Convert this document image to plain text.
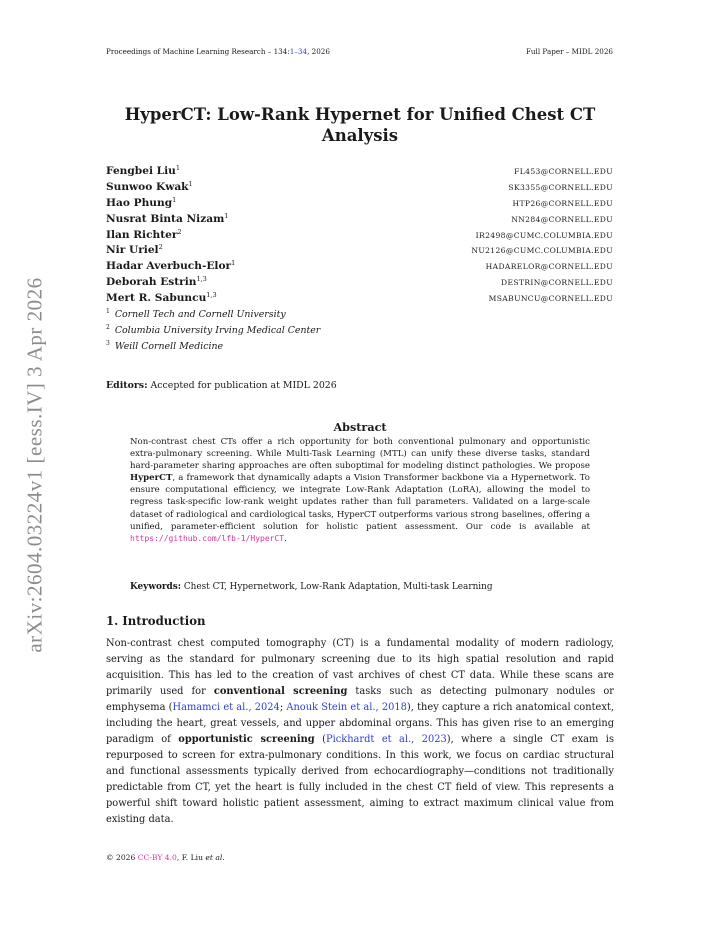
arXiv:2604.03224v1 [eess.IV] 3 Apr 2026
Proceedings of Machine Learning Research – 134:1–34, 2026	Full Paper – MIDL 2026
HyperCT: Low-Rank Hypernet for Unified Chest CT
Analysis
Fengbei Liu$^1$	FL453@CORNELL.EDU
Sunwoo Kwak$^1$	SK3355@CORNELL.EDU
Hao Phung$^1$	HTP26@CORNELL.EDU
Nusrat Binta Nizam$^1$	NN284@CORNELL.EDU
Ilan Richter$^2$	IR2498@CUMC.COLUMBIA.EDU
Nir Uriel$^2$	NU2126@CUMC.COLUMBIA.EDU
Hadar Averbuch-Elor$^1$	HADARELOR@CORNELL.EDU
Deborah Estrin$^{1,3}$	DESTRIN@CORNELL.EDU
Mert R. Sabuncu$^{1,3}$	MSABUNCU@CORNELL.EDU
$^1$ Cornell Tech and Cornell University
$^2$ Columbia University Irving Medical Center
$^3$ Weill Cornell Medicine
Editors: Accepted for publication at MIDL 2026
Abstract
Non-contrast chest CTs offer a rich opportunity for both conventional pulmonary and opportunistic extra-pulmonary screening. While Multi-Task Learning (MTL) can unify these diverse tasks, standard hard-parameter sharing approaches are often suboptimal for modeling distinct pathologies. We propose HyperCT, a framework that dynamically adapts a Vision Transformer backbone via a Hypernetwork. To ensure computational efficiency, we integrate Low-Rank Adaptation (LoRA), allowing the model to regress task-specific low-rank weight updates rather than full parameters. Validated on a large-scale dataset of radiological and cardiological tasks, HyperCT outperforms various strong baselines, offering a unified, parameter-efficient solution for holistic patient assessment. Our code is available at https://github.com/lfb-1/HyperCT.
Keywords: Chest CT, Hypernetwork, Low-Rank Adaptation, Multi-task Learning
1. Introduction
Non-contrast chest computed tomography (CT) is a fundamental modality of modern radiology, serving as the standard for pulmonary screening due to its high spatial resolution and rapid acquisition. This has led to the creation of vast archives of chest CT data. While these scans are primarily used for conventional screening tasks such as detecting pulmonary nodules or emphysema (Hamamci et al., 2024; Anouk Stein et al., 2018), they capture a rich anatomical context, including the heart, great vessels, and upper abdominal organs. This has given rise to an emerging paradigm of opportunistic screening (Pickhardt et al., 2023), where a single CT exam is repurposed to screen for extra-pulmonary conditions. In this work, we focus on cardiac structural and functional assessments typically derived from echocardiography—conditions not traditionally predictable from CT, yet the heart is fully included in the chest CT field of view. This represents a powerful shift toward holistic patient assessment, aiming to extract maximum clinical value from existing data.
© 2026 CC-BY 4.0, F. Liu et al.
